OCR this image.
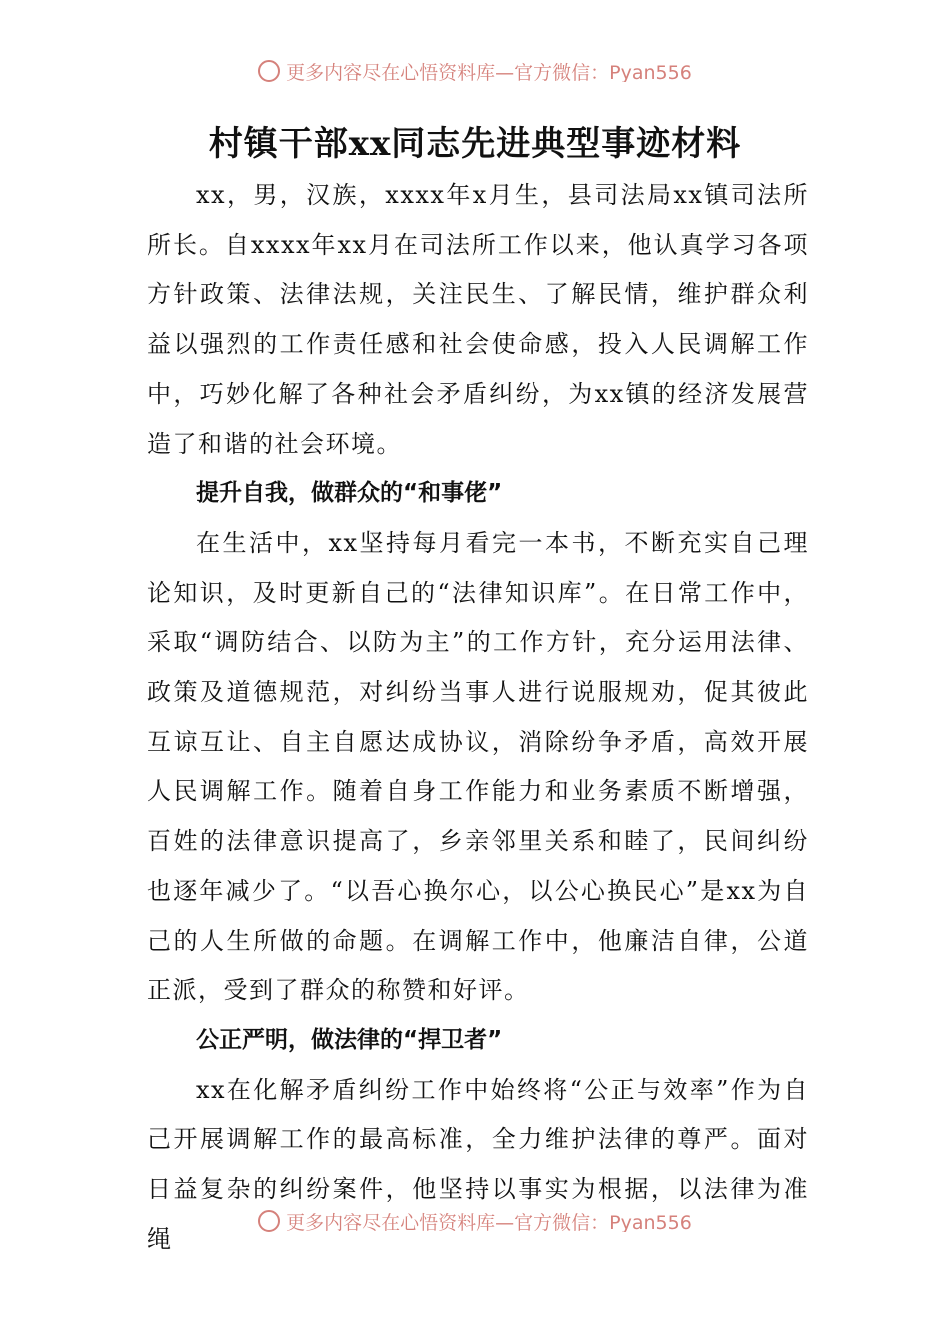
更多内容尽在心悟资料库—官方微信：Pyan556
村镇干部xx同志先进典型事迹材料

xx，男，汉族，xxxx年x月生，县司法局xx镇司法所所长。自xxxx年xx月在司法所工作以来，他认真学习各项方针政策、法律法规，关注民生、了解民情，维护群众利益以强烈的工作责任感和社会使命感，投入人民调解工作中，巧妙化解了各种社会矛盾纠纷，为xx镇的经济发展营造了和谐的社会环境。

提升自我，做群众的“和事佬”

在生活中，xx坚持每月看完一本书，不断充实自己理论知识，及时更新自己的“法律知识库”。在日常工作中，采取“调防结合、以防为主”的工作方针，充分运用法律、政策及道德规范，对纠纷当事人进行说服规劝，促其彼此互谅互让、自主自愿达成协议，消除纷争矛盾，高效开展人民调解工作。随着自身工作能力和业务素质不断增强，百姓的法律意识提高了，乡亲邻里关系和睦了，民间纠纷也逐年减少了。“以吾心换尔心，以公心换民心”是xx为自己的人生所做的命题。在调解工作中，他廉洁自律，公道正派，受到了群众的称赞和好评。

公正严明，做法律的“捍卫者”

xx在化解矛盾纠纷工作中始终将“公正与效率”作为自己开展调解工作的最高标准，全力维护法律的尊严。面对日益复杂的纠纷案件，他坚持以事实为根据，以法律为准绳

更多内容尽在心悟资料库—官方微信：Pyan556
